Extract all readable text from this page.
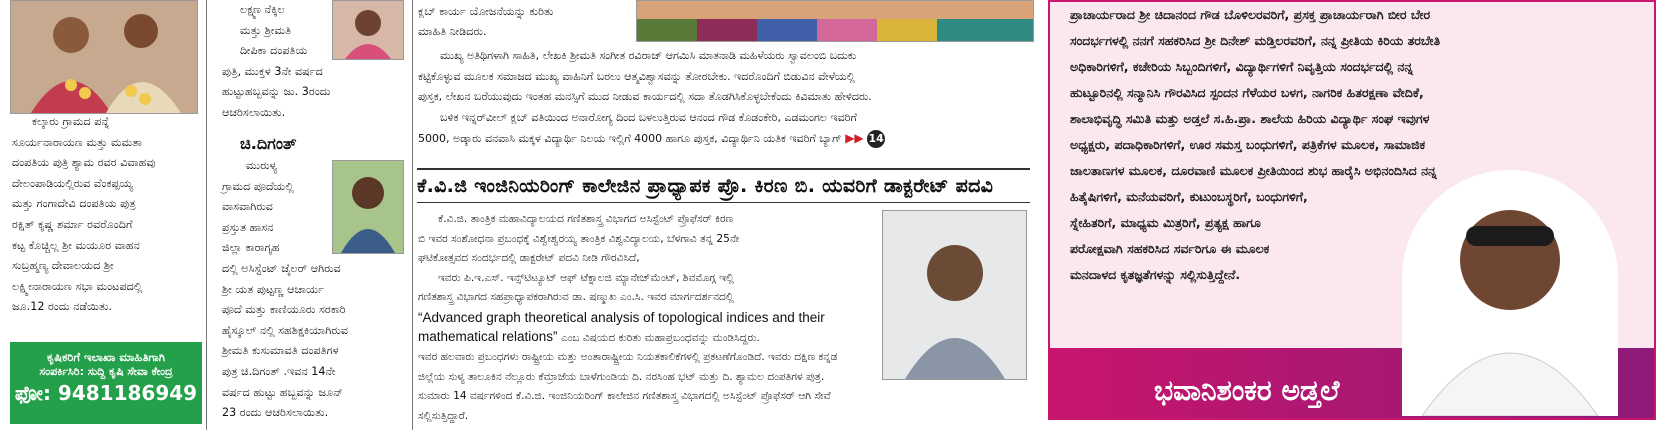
ಕಲ್ಕಾರು ಗ್ರಾಮದ ಪನ್ನೆ
ಸೂರ್ಯನಾರಾಯಣ ಮತ್ತು ಮಮತಾ
ದಂಪತಿಯ ಪುತ್ರಿ ಶ್ಯಾಮ ರವರ ವಿವಾಹವು
ದೇಲಂಪಾಡಿಯಲ್ಲಿರುವ ವೆಂಕಪ್ಪಯ್ಯ
ಮತ್ತು ಗಂಗಾದೇವಿ ದಂಪತಿಯ ಪುತ್ರ
ರಕ್ಷಿತ್ ಕೃಷ್ಣ ಶರ್ಮಾ ರವರೊಂದಿಗೆ
ಕಟ್ಟ ಕೊಚ್ಚಿಲ್ಲ ಶ್ರೀ ಮಯೂರ ವಾಹನ
ಸುಬ್ರಹ್ಮಣ್ಯ ದೇವಾಲಯದ ಶ್ರೀ
ಲಕ್ಷ್ಮೀನಾರಾಯಣ ಸಭಾ ಮಂಟಪದಲ್ಲಿ
ಜೂ.12 ರಂದು ನಡೆಯಿತು.
ಕೃಷಿಕರಿಗೆ ಇಲಾಖಾ ಮಾಹಿತಿಗಾಗಿ
ಸಂಪರ್ಕಿಸಿರಿ: ಸುದ್ದಿ ಕೃಷಿ ಸೇವಾ ಕೇಂದ್ರ
ಫೋ: 9481186949
ಲಕ್ಷ್ಮಣ ನೆಕ್ಕಿಲ
ಮತ್ತು ಶ್ರೀಮತಿ
ದೀಪಿಕಾ ದಂಪತಿಯ
ಪುತ್ರಿ, ಮುಕ್ತಳ 3ನೇ ವರ್ಷದ
ಹುಟ್ಟುಹಬ್ಬವನ್ನು ಜು. 3ರಂದು
ಆಚರಿಸಲಾಯಿತು.
ಚಿ.ದಿಗಂತ್
ಮುರುಳ್ಯ
ಗ್ರಾಮದ ಪೂದೆಯಲ್ಲಿ
ವಾಸವಾಗಿರುವ
ಪ್ರಸ್ತುತ ಹಾಸನ
ಜಿಲ್ಲಾ ಕಾರಾಗೃಹ
ದಲ್ಲಿ ಅಸಿಸ್ಟೆಂಟ್ ಜೈಲರ್ ಆಗಿರುವ
ಶ್ರೀ ಯತ ಪುಟ್ಟಣ್ಣ ಆಚಾರ್ಯ
ಪೂದೆ ಮತ್ತು ಕಾಣಿಯೂರು ಸರಕಾರಿ
ಹೈಸ್ಕೂಲ್ ನಲ್ಲಿ ಸಹಶಿಕ್ಷಕಿಯಾಗಿರುವ
ಶ್ರೀಮತಿ ಕುಸುಮಾವತಿ ದಂಪತಿಗಳ
ಪುತ್ರ ಚಿ.ದಿಗಂತ್ .ಇವನ 14ನೇ
ವರ್ಷದ ಹುಟ್ಟು ಹಬ್ಬವನ್ನು ಜೂನ್
23 ರಂದು ಆಚರಿಸಲಾಯಿತು.
ಕ್ಲಬ್ ಕಾರ್ಯ ಯೋಜನೆಯನ್ನು ಕುರಿತು
ಮಾಹಿತಿ ನೀಡಿದರು.
ಮುಖ್ಯ ಅತಿಥಿಗಳಾಗಿ ಸಾಹಿತಿ, ಲೇಖಕಿ ಶ್ರೀಮತಿ ಸಂಗೀತ ರವಿರಾಜ್ ಆಗಮಿಸಿ ಮಾತನಾಡಿ ಮಹಿಳೆಯರು ಸ್ವಾವಲಂಬಿ ಬದುಕು
ಕಟ್ಟಿಕೊಳ್ಳುವ ಮೂಲಕ ಸಮಾಜದ ಮುಖ್ಯ ವಾಹಿನಿಗೆ ಬರಲು ಆತ್ಮವಿಶ್ವಾಸವನ್ನು ತೋರಬೇಕು. ಇದರೊಂದಿಗೆ ಬಿಡುವಿನ ವೇಳೆಯಲ್ಲಿ
ಪುಸ್ತಕ, ಲೇಖನ ಬರೆಯುವುದು ಇಂತಹ ಮನಸ್ಸಿಗೆ ಮುದ ನೀಡುವ ಕಾರ್ಯದಲ್ಲಿ ಸದಾ ತೊಡಗಿಸಿಕೊಳ್ಳಬೇಕೆಂದು ಕಿವಿಮಾತು ಹೇಳಿದರು.
ಬಳಿಕ ಇನ್ನರ್‌ವೀಲ್ ಕ್ಲಬ್ ವತಿಯಿಂದ ಅನಾರೋಗ್ಯ ದಿಂದ ಬಳಲುತ್ತಿರುವ ಆನಂದ ಗೌಡ ಕೊಡಂಕೇರಿ, ಎಡಮಂಗಲ ಇವರಿಗೆ
5000, ಅಡ್ಕಾರು ವನವಾಸಿ ಮಕ್ಕಳ ವಿದ್ಯಾರ್ಥಿ ನಿಲಯ ಇಲ್ಲಿಗೆ 4000 ಹಾಗೂ ಪುಸ್ತಕ, ವಿದ್ಯಾರ್ಥಿನಿ ಯತಿಕ ಇವರಿಗೆ ಬ್ಯಾಗ್ ▶▶ 14
ಕೆ.ವಿ.ಜಿ ಇಂಜಿನಿಯರಿಂಗ್ ಕಾಲೇಜಿನ ಪ್ರಾಧ್ಯಾಪಕ ಪ್ರೊ. ಕಿರಣ ಬಿ. ಯವರಿಗೆ ಡಾಕ್ಟರೇಟ್ ಪದವಿ
ಕೆ.ವಿ.ಜಿ. ತಾಂತ್ರಿಕ ಮಹಾವಿದ್ಯಾಲಯದ ಗಣಿತಶಾಸ್ತ್ರ ವಿಭಾಗದ ಅಸಿಸ್ಟೆಂಟ್ ಪ್ರೊಫೆಸರ್ ಕಿರಣ
ಬಿ ಇವರ ಸಂಶೋಧನಾ ಪ್ರಬಂಧಕ್ಕೆ ವಿಶ್ವೇಶ್ವರಯ್ಯ ತಾಂತ್ರಿಕ ವಿಶ್ವವಿದ್ಯಾಲಯ, ಬೆಳಗಾವಿ ತನ್ನ 25ನೇ
ಘಟಿಕೋತ್ಸವದ ಸಂದರ್ಭದಲ್ಲಿ ಡಾಕ್ಟರೇಟ್ ಪದವಿ ನೀಡಿ ಗೌರವಿಸಿದೆ,
ಇವರು ಪಿ.ಇ.ಎಸ್. ಇನ್ಸ್‌ಟಿಟ್ಯೂಟ್ ಆಫ್ ಟೆಕ್ನಾಲಜಿ ಮ್ಯಾನೇಜ್‌ಮೆಂಟ್, ಶಿವಮೊಗ್ಗ ಇಲ್ಲಿ
ಗಣಿತಶಾಸ್ತ್ರ ವಿಭಾಗದ ಸಹಪ್ರಾಧ್ಯಾಪಕರಾಗಿರುವ ಡಾ. ಷಣ್ಮುಖ ಎಂ.ಸಿ. ಇವರ ಮಾರ್ಗದರ್ಶನದಲ್ಲಿ
“Advanced graph theoretical analysis of topological indices and their
mathematical relations” ಎಂಬ ವಿಷಯದ ಕುರಿತು ಮಹಾಪ್ರಬಂಧವನ್ನು ಮಂಡಿಸಿದ್ದರು.
ಇವರ ಹಲವಾರು ಪ್ರಬಂಧಗಳು ರಾಷ್ಟ್ರೀಯ ಮತ್ತು ಅಂತಾರಾಷ್ಟ್ರೀಯ ನಿಯತಕಾಲಿಕೆಗಳಲ್ಲಿ ಪ್ರಕಟಣೆಗೊಂಡಿದೆ. ಇವರು ದಕ್ಷಿಣ ಕನ್ನಡ
ಜಿಲ್ಲೆಯ ಸುಳ್ಯ ತಾಲೂಕಿನ ನೆಲ್ಲೂರು ಕೆಮ್ರಾಜೆಯ ಬಾಳೆಗುಂಡಿಯ ದಿ. ನರಸಿಂಹ ಭಟ್ ಮತ್ತು ದಿ. ಶ್ಯಾಮಲ ದಂಪತಿಗಳ ಪುತ್ರ.
ಸುಮಾರು 14 ವರ್ಷಗಳಿಂದ ಕೆ.ವಿ.ಜಿ. ಇಂಜಿನಿಯರಿಂಗ್ ಕಾಲೇಜಿನ ಗಣಿತಶಾಸ್ತ್ರ ವಿಭಾಗದಲ್ಲಿ ಅಸಿಸ್ಟೆಂಟ್ ಪ್ರೊಫೆಸರ್ ಆಗಿ ಸೇವೆ
ಸಲ್ಲಿಸುತ್ತಿದ್ದಾರೆ.
ಪ್ರಾಚಾರ್ಯರಾದ ಶ್ರೀ ಚಿದಾನಂದ ಗೌಡ ಬೊಳಿಲರವರಿಗೆ, ಪ್ರಸಕ್ತ ಪ್ರಾಚಾರ್ಯರಾಗಿ ಬೀರ ಬೇರ
ಸಂದರ್ಭಗಳಲ್ಲಿ ನನಗೆ ಸಹಕರಿಸಿದ ಶ್ರೀ ದಿನೇಶ್ ಮಡ್ತಿಲರವರಿಗೆ, ನನ್ನ ಪ್ರೀತಿಯ ಕಿರಿಯ ತರಬೇತಿ
ಅಧಿಕಾರಿಗಳಿಗೆ, ಕಚೇರಿಯ ಸಿಬ್ಬಂದಿಗಳಿಗೆ, ವಿದ್ಯಾರ್ಥಿಗಳಿಗೆ ನಿವೃತ್ತಿಯ ಸಂದರ್ಭದಲ್ಲಿ ನನ್ನ
ಹುಟ್ಟೂರಿನಲ್ಲಿ ಸನ್ಮಾನಿಸಿ ಗೌರವಿಸಿದ ಸ್ಪಂದನ ಗೆಳೆಯರ ಬಳಗ, ನಾಗರಿಕ ಹಿತರಕ್ಷಣಾ ವೇದಿಕೆ,
ಶಾಲಾಭಿವೃದ್ಧಿ ಸಮಿತಿ ಮತ್ತು ಅಡ್ತಲೆ ಸ.ಹಿ.ಪ್ರಾ. ಶಾಲೆಯ ಹಿರಿಯ ವಿದ್ಯಾರ್ಥಿ ಸಂಘ ಇವುಗಳ
ಅಧ್ಯಕ್ಷರು, ಪದಾಧಿಕಾರಿಗಳಿಗೆ, ಊರ ಸಮಸ್ತ ಬಂಧುಗಳಿಗೆ, ಪತ್ರಿಕೆಗಳ ಮೂಲಕ, ಸಾಮಾಜಿಕ
ಜಾಲತಾಣಗಳ ಮೂಲಕ, ದೂರವಾಣಿ ಮೂಲಕ ಪ್ರೀತಿಯಿಂದ ಶುಭ ಹಾರೈಸಿ ಅಭಿನಂದಿಸಿದ ನನ್ನ
ಹಿತೈಷಿಗಳಿಗೆ, ಮನೆಯವರಿಗೆ, ಕುಟುಂಬಸ್ಥರಿಗೆ, ಬಂಧುಗಳಿಗೆ,
ಸ್ನೇಹಿತರಿಗೆ, ಮಾಧ್ಯಮ ಮಿತ್ರರಿಗೆ, ಪ್ರತ್ಯಕ್ಷ ಹಾಗೂ
ಪರೋಕ್ಷವಾಗಿ ಸಹಕರಿಸಿದ ಸರ್ವರಿಗೂ ಈ ಮೂಲಕ
ಮನದಾಳದ ಕೃತಜ್ಞತೆಗಳನ್ನು ಸಲ್ಲಿಸುತ್ತಿದ್ದೇನೆ.
ಭವಾನಿಶಂಕರ ಅಡ್ತಲೆ
